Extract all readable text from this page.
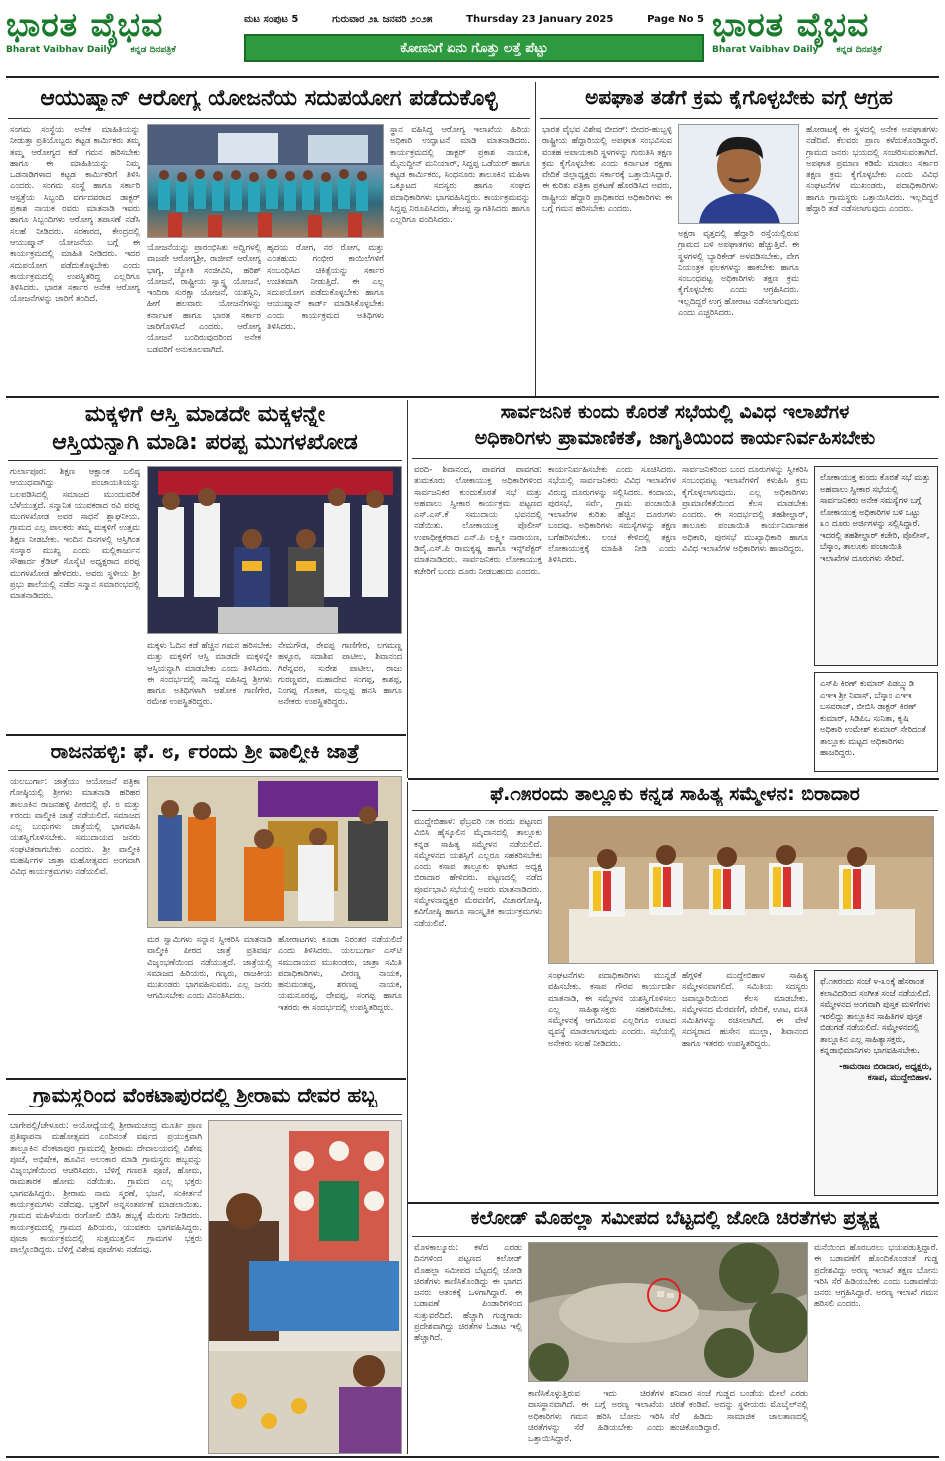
ಭಾರತ ವೈಭವ
Bharat Vaibhav Daily ಕನ್ನಡ ದಿನಪತ್ರಿಕೆ
ಭಾರತ ವೈಭವ
Bharat Vaibhav Daily ಕನ್ನಡ ದಿನಪತ್ರಿಕೆ
ಮಟ ಸಂಪುಟ 5	ಗುರುವಾರ ೨೩ ಜನವರಿ ೨೦೨೫	Thursday 23 January 2025	Page No 5
ಕೋಣನಿಗೆ ಏನು ಗೊತ್ತು ಲತ್ತೆ ಪೆಟ್ಟು
ಆಯುಷ್ಮಾನ್ ಆರೋಗ್ಯ ಯೋಜನೆಯ ಸದುಪಯೋಗ ಪಡೆದುಕೊಳ್ಳಿ
ಸಂಗಮ ಸಂಸ್ಥೆಯ ಅನೇಕ ಮಾಹಿತಿಯನ್ನು ನೀಡುತ್ತಾ ಪ್ರತಿಯೊಬ್ಬರು ಕಟ್ಟಡ ಕಾರ್ಮಿಕರು ತಮ್ಮ ತಮ್ಮ ಆರೋಗ್ಯದ ಕಡೆ ಗಮನ ಹರಿಸಬೇಕು ಹಾಗೂ ಈ ಮಾಹಿತಿಯನ್ನು ನಿಮ್ಮ ಒಡನಾಡಿಗಳಾದ ಕಟ್ಟಡ ಕಾರ್ಮಿಕರಿಗೆ ತಿಳಿಸಿ ಎಂದರು. ಸಂಗಮ ಸಂಸ್ಥೆ ಹಾಗೂ ಸರ್ಕಾರಿ ಆಸ್ಪತ್ರೆಯ ಸಿಬ್ಬಂದಿ ವರ್ಗದವರಾದ ಡಾಕ್ಟರ್ ಪ್ರಕಾಶ ನಾಯಕ ರವರು ಮಾತನಾಡಿ ಇವರು ಹಾಗೂ ಸಿಬ್ಬಂದಿಗಳು ಆರೋಗ್ಯ ತಪಾಸಣೆ ನಡೆಸಿ ಸಲಹೆ ನೀಡಿದರು. ಸರಕಾರದ, ಕೇಂದ್ರದಲ್ಲಿ ಆಯುಷ್ಮಾನ್ ಯೋಜನೆಯ ಬಗ್ಗೆ ಈ ಕಾರ್ಯಕ್ರಮದಲ್ಲಿ ಮಾಹಿತಿ ನೀಡಿದರು. ಇದರ ಸದುಪಯೋಗ ಪಡೆದುಕೊಳ್ಳಬೇಕು ಎಂದು ಕಾರ್ಯಕ್ರಮದಲ್ಲಿ ಉಪಸ್ಥಿತರಿದ್ದ ಎಲ್ಲರಿಗೂ ತಿಳಿಸಿದರು. ಭಾರತ ಸರ್ಕಾರ ಅನೇಕ ಆರೋಗ್ಯ ಯೋಜನೆಗಳನ್ನು ಜಾರಿಗೆ ತಂದಿದೆ.
ಯೋಜನೆಯನ್ನು ಪ್ರಾರಂಭಿಸಿತು ಅದ್ವಿಗಳಲ್ಲಿ ವಾಜಪೇ ಆರೋಗ್ಯಶ್ರೀ, ರಾಜೀವ್ ಆರೋಗ್ಯ ಭಾಗ್ಯ, ಜ್ಯೋತಿ ಸಂಜೀವಿನಿ, ಹರಿಶ್ ಯೋಜನೆ, ರಾಷ್ಟ್ರೀಯ ಸ್ವಾಸ್ಥ್ಯ ಯೋಜನೆ, ಇಂದಿರಾ ಸುರಕ್ಷಾ ಯೋಜನೆ, ಯಶಸ್ವಿನಿ, ಹೀಗೆ ಹಲವಾರು ಯೋಜನೆಗಳನ್ನು ಕರ್ನಾಟಕ ಹಾಗೂ ಭಾರತ ಸರ್ಕಾರ ಜಾರಿಗೊಳಿಸಿದೆ ಎಂದರು. ಆರೋಗ್ಯ ಯೋಜನೆ ಬಂದಿರುವುದರಿಂದ ಅನೇಕ ಬಡವರಿಗೆ ಅನುಕೂಲವಾಗಿದೆ.
ಹೃದಯ ರೋಗ, ನರ ರೋಗ, ಮತ್ತು ಎಂತಹುದು ಗಂಭೀರ ಕಾಯಿಲೆಗಳಿಗೆ ಸಂಬಂಧಿಸಿದ ಚಿಕಿತ್ಸೆಯನ್ನು ಸರ್ಕಾರ ಉಚಿತವಾಗಿ ನೀಡುತ್ತಿದೆ. ಈ ಎಲ್ಲ ಸದುಪಯೋಗ ಪಡೆದುಕೊಳ್ಳಬೇಕು ಹಾಗೂ ಆಯುಷ್ಮಾನ್ ಕಾರ್ಡ್ ಮಾಡಿಸಿಕೊಳ್ಳಬೇಕು ಎಂದು ಕಾರ್ಯಕ್ರಮದ ಅತಿಥಿಗಳು ತಿಳಿಸಿದರು.
ಸ್ಥಾನ ವಹಿಸಿದ್ದ ಆರೋಗ್ಯ ಇಲಾಖೆಯ ಹಿರಿಯ ಅಧಿಕಾರಿ ಉದ್ಘಾಟನೆ ಮಾಡಿ ಮಾತನಾಡಿದರು. ಕಾರ್ಯಕ್ರಮದಲ್ಲಿ ಡಾಕ್ಟರ್ ಪ್ರಕಾಶ ನಾಯಕ, ಮೈನುದ್ದೀನ್ ಮನಿಯಾರ್, ಸಿದ್ದಪ್ಪ ಒಡೆಯರ್ ಹಾಗೂ ಕಟ್ಟಡ ಕಾರ್ಮಿಕರು, ಸಿಂಧನೂರು ತಾಲೂಕಿನ ಮಹಿಳಾ ಒಕ್ಕೂಟದ ಸದಸ್ಯರು ಹಾಗೂ ಸಂಘದ ಪದಾಧಿಕಾರಿಗಳು ಭಾಗವಹಿಸಿದ್ದರು. ಕಾರ್ಯಕ್ರಮವನ್ನು ಸಿದ್ದಪ್ಪ ನಿರೂಪಿಸಿದರು, ತೇಜಪ್ಪ ಸ್ವಾಗತಿಸಿದರು ಹಾಗೂ ಎಲ್ಲರಿಗೂ ವಂದಿಸಿದರು.
ಅಪಘಾತ ತಡೆಗೆ ಕ್ರಮ ಕೈಗೊಳ್ಳಬೇಕು ವಗ್ಗೆ ಆಗ್ರಹ
ಭಾರತ ವೈಭವ ವಿಶೇಷ ಬೀದರ್: ಬೀದರ-ಹುಬ್ಬಳ್ಳಿ ರಾಷ್ಟ್ರೀಯ ಹೆದ್ದಾರಿಯಲ್ಲಿ ಅಪಘಾತ ಸಂಭವಿಸುವ ವಂತಹ ಅಪಾಯಕಾರಿ ಸ್ಥಳಗಳನ್ನು ಗುರುತಿಸಿ ತಕ್ಷಣ ಕ್ರಮ ಕೈಗೊಳ್ಳಬೇಕು ಎಂದು ಕರ್ನಾಟಕ ರಕ್ಷಣಾ ವೇದಿಕೆ ಜಿಲ್ಲಾಧ್ಯಕ್ಷರು ಸರ್ಕಾರಕ್ಕೆ ಒತ್ತಾಯಿಸಿದ್ದಾರೆ. ಈ ಕುರಿತು ಪತ್ರಿಕಾ ಪ್ರಕಟಣೆ ಹೊರಡಿಸಿದ ಅವರು, ರಾಷ್ಟ್ರೀಯ ಹೆದ್ದಾರಿ ಪ್ರಾಧಿಕಾರದ ಅಧಿಕಾರಿಗಳು ಈ ಬಗ್ಗೆ ಗಮನ ಹರಿಸಬೇಕು ಎಂದರು.
ಅಕ್ಷರಾ ವೃತ್ತದಲ್ಲಿ ಹೆದ್ದಾರಿ ರಸ್ತೆಯಲ್ಲಿರುವ ಗ್ರಾಮದ ಬಳಿ ಅಪಘಾತಗಳು ಹೆಚ್ಚುತ್ತಿವೆ. ಈ ಸ್ಥಳಗಳಲ್ಲಿ ಬ್ಯಾರಿಕೇಡ್ ಅಳವಡಿಸಬೇಕು, ವೇಗ ನಿಯಂತ್ರಕ ಫಲಕಗಳನ್ನು ಹಾಕಬೇಕು ಹಾಗೂ ಸಂಬಂಧಪಟ್ಟ ಅಧಿಕಾರಿಗಳು ತಕ್ಷಣ ಕ್ರಮ ಕೈಗೊಳ್ಳಬೇಕು ಎಂದು ಆಗ್ರಹಿಸಿದರು. ಇಲ್ಲದಿದ್ದರೆ ಉಗ್ರ ಹೋರಾಟ ನಡೆಸಲಾಗುವುದು ಎಂದು ಎಚ್ಚರಿಸಿದರು.
ಹೋರಾಟಕ್ಕೆ ಈ ಸ್ಥಳದಲ್ಲಿ ಅನೇಕ ಅಪಘಾತಗಳು ನಡೆದಿವೆ. ಕೆಲವರು ಪ್ರಾಣ ಕಳೆದುಕೊಂಡಿದ್ದಾರೆ. ಗ್ರಾಮದ ಜನರು ಭಯದಲ್ಲಿ ಸಂಚರಿಸುವಂತಾಗಿದೆ. ಅಪಘಾತ ಪ್ರಮಾಣ ಕಡಿಮೆ ಮಾಡಲು ಸರ್ಕಾರ ತಕ್ಷಣ ಕ್ರಮ ಕೈಗೊಳ್ಳಬೇಕು ಎಂದು ವಿವಿಧ ಸಂಘಟನೆಗಳ ಮುಖಂಡರು, ಪದಾಧಿಕಾರಿಗಳು ಹಾಗೂ ಗ್ರಾಮಸ್ಥರು ಒತ್ತಾಯಿಸಿದರು. ಇಲ್ಲದಿದ್ದರೆ ಹೆದ್ದಾರಿ ತಡೆ ನಡೆಸಲಾಗುವುದು ಎಂದರು.
ಮಕ್ಕಳಿಗೆ ಆಸ್ತಿ ಮಾಡದೇ ಮಕ್ಕಳನ್ನೇ
ಆಸ್ತಿಯನ್ನಾಗಿ ಮಾಡಿ: ಪರಪ್ಪ ಮುಗಳಖೋಡ
ಗುರ್ಲಾಪೂರ: ಶಿಕ್ಷಣ ಆಕ್ಷಾಂಕ ಬಲಿಷ್ಠ ಆಯುಧವಾಗಿದ್ದು ಪಂಚಾಯತಿಯನ್ನು ಬಲಪಡಿಸಿದಲ್ಲಿ ಸಮಾಜದ ಮುಂದುವರಿಕೆ ಬೆಳೆಯುತ್ತದೆ. ಸನ್ಮಾನಿತ ಯುವಕರಾದ ರವಿ ಪರಪ್ಪ ಮುಗಳಖೋಡ ಅವರ ಸಾಧನೆ ಶ್ಲಾಘನೀಯ. ಗ್ರಾಮದ ಎಲ್ಲ ಪಾಲಕರು ತಮ್ಮ ಮಕ್ಕಳಿಗೆ ಉತ್ತಮ ಶಿಕ್ಷಣ ನೀಡಬೇಕು. ಇಂದಿನ ದಿನಗಳಲ್ಲಿ ಆಸ್ತಿಗಿಂತ ಸಂಸ್ಕಾರ ಮುಖ್ಯ ಎಂದು ಮಲ್ಲಿಕಾರ್ಜುನ ಸೌಹಾರ್ದ ಕ್ರೆಡಿಟ್ ಸೊಸೈಟಿ ಅಧ್ಯಕ್ಷರಾದ ಪರಪ್ಪ ಮುಗಳಖೋಡ ಹೇಳಿದರು. ಅವರು ಸ್ಥಳೀಯ ಶ್ರೀ ಪ್ರಭು ಶಾಲೆಯಲ್ಲಿ ನಡೆದ ಸನ್ಮಾನ ಸಮಾರಂಭದಲ್ಲಿ ಮಾತನಾಡಿದರು.
ಮಕ್ಕಳು ಓದಿನ ಕಡೆ ಹೆಚ್ಚಿನ ಗಮನ ಹರಿಸಬೇಕು ಮತ್ತು ಮಕ್ಕಳಿಗೆ ಆಸ್ತಿ ಮಾಡದೇ ಮಕ್ಕಳನ್ನೇ ಆಸ್ತಿಯನ್ನಾಗಿ ಮಾಡಬೇಕು ಎಂದು ತಿಳಿಸಿದರು. ಈ ಸಂದರ್ಭದಲ್ಲಿ ಸಾನಿಧ್ಯ ವಹಿಸಿದ್ದ ಶ್ರೀಗಳು ಹಾಗೂ ಅತಿಥಿಗಳಾಗಿ ಆಶೋಕ ಗಾಣಿಗೇರ, ರಮೇಶ ಉಪಸ್ಥಿತರಿದ್ದರು.
ನೇಮಗೌಡ, ರೇವಪ್ಪ ಗಾಣಿಗೇರ, ಲಗಮಣ್ಣ ಹಳ್ಳೂರ, ಸದಾಶಿವ ಪಾಟೀಲ, ಶಿವಾನಂದ ಗಿರೆನ್ನವರ, ಸುರೇಶ ಪಾಟೀಲ, ರಾಜು ಗುರಣ್ಣವರ, ಮಹಾದೇವ ಸಂಗಪ್ಪ, ಕಾಶಪ್ಪ, ನಿಂಗಪ್ಪ ಗೊಕಾಕ, ಮಲ್ಲಪ್ಪ ಹನಸಿ ಹಾಗೂ ಅನೇಕರು ಉಪಸ್ಥಿತರಿದ್ದರು.
ಸಾರ್ವಜನಿಕ ಕುಂದು ಕೊರತೆ ಸಭೆಯಲ್ಲಿ ವಿವಿಧ ಇಲಾಖೆಗಳ
ಅಧಿಕಾರಿಗಳು ಪ್ರಾಮಾಣಿಕತೆ, ಜಾಗೃತಿಯಿಂದ ಕಾರ್ಯನಿರ್ವಹಿಸಬೇಕು
ವರದಿ- ಶಿವಾನಂದ, ಪಾವಗಡ ಪಾವಗಡ: ತುಮಕೂರು ಲೋಕಾಯುಕ್ತ ಅಧಿಕಾರಿಗಳಿಂದ ಸಾರ್ವಜನಿಕರ ಕುಂದುಕೊರತೆ ಸಭೆ ಮತ್ತು ಅಹವಾಲು ಸ್ವೀಕಾರ ಕಾರ್ಯಕ್ರಮ ಪಟ್ಟಣದ ಎಸ್.ಎಸ್.ಕೆ ಸಮುದಾಯ ಭವನದಲ್ಲಿ ನಡೆಯಿತು. ಲೋಕಾಯುಕ್ತ ಪೊಲೀಸ್ ಉಪಾಧೀಕ್ಷಕರಾದ ಎನ್.ಪಿ ಲಕ್ಷ್ಮೀ ನಾರಾಯಣ, ಡಿವೈ.ಎಸ್.ಪಿ ರಾಮಕೃಷ್ಣ ಹಾಗೂ ಇನ್ಸ್‌ಪೆಕ್ಟರ್ ಮಾತನಾಡಿದರು. ಸಾರ್ವಜನಿಕರು ಲೋಕಾಯುಕ್ತ ಕಚೇರಿಗೆ ಬಂದು ದೂರು ನೀಡಬಹುದು ಎಂದರು.
ಕಾರ್ಯನಿರ್ವಹಿಸಬೇಕು ಎಂದು ಸೂಚಿಸಿದರು. ಸಭೆಯಲ್ಲಿ ಸಾರ್ವಜನಿಕರು ವಿವಿಧ ಇಲಾಖೆಗಳ ವಿರುದ್ಧ ದೂರುಗಳನ್ನು ಸಲ್ಲಿಸಿದರು. ಕಂದಾಯ, ಪುರಸಭೆ, ಸರ್ವೆ, ಗ್ರಾಮ ಪಂಚಾಯಿತಿ ಇಲಾಖೆಗಳ ಕುರಿತು ಹೆಚ್ಚಿನ ದೂರುಗಳು ಬಂದವು. ಅಧಿಕಾರಿಗಳು ಸಮಸ್ಯೆಗಳನ್ನು ತಕ್ಷಣ ಬಗೆಹರಿಸಬೇಕು. ಲಂಚ ಕೇಳಿದಲ್ಲಿ ತಕ್ಷಣ ಲೋಕಾಯುಕ್ತಕ್ಕೆ ಮಾಹಿತಿ ನೀಡಿ ಎಂದು ತಿಳಿಸಿದರು.
ಸಾರ್ವಜನಿಕರಿಂದ ಬಂದ ದೂರುಗಳನ್ನು ಸ್ವೀಕರಿಸಿ ಸಂಬಂಧಪಟ್ಟ ಇಲಾಖೆಗಳಿಗೆ ಕಳುಹಿಸಿ ಕ್ರಮ ಕೈಗೊಳ್ಳಲಾಗುವುದು. ಎಲ್ಲ ಅಧಿಕಾರಿಗಳು ಪ್ರಾಮಾಣಿಕತೆಯಿಂದ ಕೆಲಸ ಮಾಡಬೇಕು ಎಂದರು. ಈ ಸಂದರ್ಭದಲ್ಲಿ ತಹಶೀಲ್ದಾರ್, ತಾಲೂಕು ಪಂಚಾಯಿತಿ ಕಾರ್ಯನಿರ್ವಾಹಕ ಅಧಿಕಾರಿ, ಪುರಸಭೆ ಮುಖ್ಯಾಧಿಕಾರಿ ಹಾಗೂ ವಿವಿಧ ಇಲಾಖೆಗಳ ಅಧಿಕಾರಿಗಳು ಹಾಜರಿದ್ದರು.
ಲೋಕಾಯುಕ್ತ ಕುಂದು ಕೊರತೆ ಸಭೆ ಮತ್ತು ಅಹವಾಲು ಸ್ವೀಕಾರ ಸಭೆಯಲ್ಲಿ ಸಾರ್ವಜನಿಕರು ಅನೇಕ ಸಮಸ್ಯೆಗಳ ಬಗ್ಗೆ ಲೋಕಾಯುಕ್ತ ಅಧಿಕಾರಿಗಳ ಬಳಿ ಒಟ್ಟು ೩೦ ದೂರು ಅರ್ಜಿಗಳನ್ನು ಸಲ್ಲಿಸಿದ್ದಾರೆ. ಇದರಲ್ಲಿ ತಹಶೀಲ್ದಾರ್ ಕಚೇರಿ, ಪೊಲೀಸ್, ಬೆಸ್ಕಾಂ, ತಾಲೂಕು ಪಂಚಾಯಿತಿ ಇಲಾಖೆಗಳ ದೂರುಗಳು ಸೇರಿವೆ.
ಎಸ್‌ಪಿ ಕಿರಣ್ ಕುಮಾರ್ ಪಿಡಬ್ಲ್ಯುಡಿ ಎಇಇ ಶ್ರೀ ನಿವಾಸ್, ಬೆಸ್ಕಾಂ ಎಇಇ ಬಸವರಾಜ್, ಬೀಬಿಸಿ ಡಾಕ್ಟರ್ ಕಿರಣ್ ಕುಮಾರ್, ಸಿಡಿಪಿಒ ಸುನಿತಾ, ಕೃಷಿ ಅಧಿಕಾರಿ ಉಮೇಶ್ ಕುಮಾರ್ ಸೇರಿದಂತೆ ತಾಲ್ಲೂಕು ಮಟ್ಟದ ಅಧಿಕಾರಿಗಳು ಹಾಜರಿದ್ದರು.
ರಾಜನಹಳ್ಳಿ: ಫೆ. ೮, ೯ರಂದು ಶ್ರೀ ವಾಲ್ಮೀಕಿ ಜಾತ್ರೆ
ಯಲಬುರ್ಗಾ: ಜಾತ್ರೆಯು ಆಯೋಜನೆ ಪತ್ರಿಕಾ ಗೋಷ್ಠಿಯಲ್ಲಿ ಶ್ರೀಗಳು ಮಾತನಾಡಿ ಹರಿಹರ ತಾಲೂಕಿನ ರಾಜನಹಳ್ಳಿ ಪೀಠದಲ್ಲಿ ಫೆ. ೮ ಮತ್ತು ೯ರಂದು ವಾಲ್ಮೀಕಿ ಜಾತ್ರೆ ನಡೆಯಲಿದೆ. ಸಮಾಜದ ಎಲ್ಲ ಬಂಧುಗಳು ಜಾತ್ರೆಯಲ್ಲಿ ಭಾಗವಹಿಸಿ ಯಶಸ್ವಿಗೊಳಿಸಬೇಕು. ಸಮುದಾಯದ ಜನರು ಸಂಘಟಿತರಾಗಬೇಕು ಎಂದರು. ಶ್ರೀ ವಾಲ್ಮೀಕಿ ಮಹರ್ಷಿಗಳ ಜಾತ್ರಾ ಮಹೋತ್ಸವದ ಅಂಗವಾಗಿ ವಿವಿಧ ಕಾರ್ಯಕ್ರಮಗಳು ನಡೆಯಲಿವೆ.
ಮಠ ಸ್ವಾಮಿಗಳು ಸನ್ನಾನ ಸ್ವೀಕರಿಸಿ ಮಾತನಾಡಿ ವಾಲ್ಮೀಕಿ ಪೀಠದ ಜಾತ್ರೆ ಪ್ರತಿವರ್ಷ ವಿಜೃಂಭಣೆಯಿಂದ ನಡೆಯುತ್ತದೆ. ಜಾತ್ರೆಯಲ್ಲಿ ಸಮಾಜದ ಹಿರಿಯರು, ಗಣ್ಯರು, ರಾಜಕೀಯ ಮುಖಂಡರು ಭಾಗವಹಿಸುವರು. ಎಲ್ಲ ಜನರು ಆಗಮಿಸಬೇಕು ಎಂದು ವಿನಂತಿಸಿದರು.
ಹೋರಾಟಗಳು ಕೂಡಾ ನಿರಂತರ ನಡೆಯಲಿದೆ ಎಂದು ತಿಳಿಸಿದರು. ಯಲಬುರ್ಗಾ ಎಸ್‌ಟಿ ಸಮುದಾಯದ ಮುಖಂಡರು, ಜಾತ್ರಾ ಸಮಿತಿ ಪದಾಧಿಕಾರಿಗಳು, ವೀರಣ್ಣ ನಾಯಕ, ಹನುಮಂತಪ್ಪ, ಶರಣಪ್ಪ ನಾಯಕ, ಯಮನೂರಪ್ಪ, ದೇವಪ್ಪ, ಸಂಗಪ್ಪ ಹಾಗೂ ಇತರರು ಈ ಸಂದರ್ಭದಲ್ಲಿ ಉಪಸ್ಥಿತರಿದ್ದರು.
ಫೆ.೧೫ರಂದು ತಾಲ್ಲೂಕು ಕನ್ನಡ ಸಾಹಿತ್ಯ ಸಮ್ಮೇಳನ: ಬಿರಾದಾರ
ಮುದ್ದೇಬಿಹಾಳ: ಫೆಬ್ರವರಿ ೧೫ ರಂದು ಪಟ್ಟಣದ ವಿಬಿಸಿ ಹೈಸ್ಕೂಲಿನ ಮೈದಾನದಲ್ಲಿ ತಾಲ್ಲೂಕು ಕನ್ನಡ ಸಾಹಿತ್ಯ ಸಮ್ಮೇಳನ ನಡೆಯಲಿದೆ. ಸಮ್ಮೇಳನದ ಯಶಸ್ಸಿಗೆ ಎಲ್ಲರೂ ಸಹಕರಿಸಬೇಕು ಎಂದು ಕಸಾಪ ತಾಲ್ಲೂಕು ಘಟಕದ ಅಧ್ಯಕ್ಷ ಬಿರಾದಾರ ಹೇಳಿದರು. ಪಟ್ಟಣದಲ್ಲಿ ನಡೆದ ಪೂರ್ವಭಾವಿ ಸಭೆಯಲ್ಲಿ ಅವರು ಮಾತನಾಡಿದರು. ಸಮ್ಮೇಳನಾಧ್ಯಕ್ಷರ ಮೆರವಣಿಗೆ, ವಿಚಾರಗೋಷ್ಠಿ, ಕವಿಗೋಷ್ಠಿ ಹಾಗೂ ಸಾಂಸ್ಕೃತಿಕ ಕಾರ್ಯಕ್ರಮಗಳು ನಡೆಯಲಿವೆ.
ಸಂಘಟನೆಗಳು ಪದಾಧಿಕಾರಿಗಳು ಮುನ್ನಡೆ ವಹಿಸಬೇಕು. ಕಸಾಪ ಗೌರವ ಕಾರ್ಯದರ್ಶಿ ಮಾತನಾಡಿ, ಈ ಸಮ್ಮೇಳನ ಯಶಸ್ವಿಗೊಳಿಸಲು ಎಲ್ಲ ಸಾಹಿತ್ಯಾಸಕ್ತರು ಸಹಕರಿಸಬೇಕು. ಸಮ್ಮೇಳನಕ್ಕೆ ಆಗಮಿಸುವ ಎಲ್ಲರಿಗೂ ಊಟದ ವ್ಯವಸ್ಥೆ ಮಾಡಲಾಗುವುದು ಎಂದರು. ಸಭೆಯಲ್ಲಿ ಅನೇಕರು ಸಲಹೆ ನೀಡಿದರು.
ಹೆಗ್ಗಳಿಕೆ ಮುದ್ದೇಬಿಹಾಳ ಸಾಹಿತ್ಯ ಸಮ್ಮೇಳನವಾಗಲಿದೆ. ಸಮಿತಿಯ ಸದಸ್ಯರು ಜವಾಬ್ದಾರಿಯಿಂದ ಕೆಲಸ ಮಾಡಬೇಕು. ಸಮ್ಮೇಳನದ ಮೆರವಣಿಗೆ, ವೇದಿಕೆ, ಊಟ, ವಸತಿ ಸಮಿತಿಗಳನ್ನು ರಚಿಸಲಾಗಿದೆ. ಈ ವೇಳೆ ಸದಸ್ಯರಾದ ಹುಸೇನ ಮುಲ್ಲಾ, ಶಿವಾನಂದ ಹಾಗೂ ಇತರರು ಉಪಸ್ಥಿತರಿದ್ದರು.
ಫೆ.೧೫ರಂದು ಸಂಜೆ ೪-೩೦ಕ್ಕೆ ಹೆಸರಾಂತ ಕಲಾವಿದರಿಂದ ಸಂಗೀತ ಸಂಜೆ ನಡೆಯಲಿದೆ. ಸಮ್ಮೇಳನದ ಅಂಗವಾಗಿ ಪುಸ್ತಕ ಮಳಿಗೆಗಳು ಇರಲಿದ್ದು ತಾಲ್ಲೂಕಿನ ಸಾಹಿತಿಗಳ ಪುಸ್ತಕ ಬಿಡುಗಡೆ ನಡೆಯಲಿದೆ. ಸಮ್ಮೇಳನದಲ್ಲಿ ತಾಲ್ಲೂಕಿನ ಎಲ್ಲ ಸಾಹಿತ್ಯಾಸಕ್ತರು, ಕನ್ನಡಾಭಿಮಾನಿಗಳು ಭಾಗವಹಿಸಬೇಕು.

-ಕಾಮರಾಜ ಬಿರಾದಾರ, ಅಧ್ಯಕ್ಷರು, ಕಸಾಪ, ಮುದ್ದೇಬಿಹಾಳ.
ಗ್ರಾಮಸ್ಥರಿಂದ ವೆಂಕಟಾಪುರದಲ್ಲಿ ಶ್ರೀರಾಮ ದೇವರ ಹಬ್ಬ
ಬಾಗೇಪಲ್ಲಿ/ಚೇಳೂರು: ಅಯೋಧ್ಯೆಯಲ್ಲಿ ಶ್ರೀರಾಮಚಂದ್ರ ಮೂರ್ತಿ ಪ್ರಾಣ ಪ್ರತಿಷ್ಠಾಪನಾ ಮಹೋತ್ಸವದ ಎಂದಿನಂತೆ ವರ್ಷದ ಪ್ರಯುಕ್ತವಾಗಿ ತಾಲ್ಲೂಕಿನ ವೆಂಕಟಾಪುರ ಗ್ರಾಮದಲ್ಲಿ ಶ್ರೀರಾಮ ದೇವಾಲಯದಲ್ಲಿ ವಿಶೇಷ ಪೂಜೆ, ಅಭಿಷೇಕ, ಹೂವಿನ ಅಲಂಕಾರ ಮಾಡಿ ಗ್ರಾಮಸ್ಥರು ಹಬ್ಬವನ್ನು ವಿಜೃಂಭಣೆಯಿಂದ ಆಚರಿಸಿದರು. ಬೆಳಿಗ್ಗೆ ಗಣಪತಿ ಪೂಜೆ, ಹೋಮ, ರಾಮತಾರಕ ಹೋಮ ನಡೆಯಿತು. ಗ್ರಾಮದ ಎಲ್ಲ ಭಕ್ತರು ಭಾಗವಹಿಸಿದ್ದರು. ಶ್ರೀರಾಮ ನಾಮ ಸ್ಮರಣೆ, ಭಜನೆ, ಸಂಕೀರ್ತನೆ ಕಾರ್ಯಕ್ರಮಗಳು ನಡೆದವು. ಭಕ್ತರಿಗೆ ಅನ್ನಸಂತರ್ಪಣೆ ಮಾಡಲಾಯಿತು. ಗ್ರಾಮದ ಮಹಿಳೆಯರು ರಂಗೋಲಿ ಬಿಡಿಸಿ ಹಬ್ಬಕ್ಕೆ ಮೆರುಗು ನೀಡಿದರು. ಕಾರ್ಯಕ್ರಮದಲ್ಲಿ ಗ್ರಾಮದ ಹಿರಿಯರು, ಯುವಕರು ಭಾಗವಹಿಸಿದ್ದರು. ಪೂಜಾ ಕಾರ್ಯಕ್ರಮದಲ್ಲಿ ಸುತ್ತಮುತ್ತಲಿನ ಗ್ರಾಮಗಳ ಭಕ್ತರು ಪಾಲ್ಗೊಂಡಿದ್ದರು. ಬೆಳಿಗ್ಗೆ ವಿಶೇಷ ಪೂಜೆಗಳು ನಡೆದವು.
ಕಲೋಡ್ ಮೊಹಲ್ಲಾ ಸಮೀಪದ ಬೆಟ್ಟದಲ್ಲಿ ಜೋಡಿ ಚಿರತೆಗಳು ಪ್ರತ್ಯಕ್ಷ
ಮೊಳಕಾಲ್ಮೂರು: ಕಳೆದ ಎರಡು ದಿನಗಳಿಂದ ಪಟ್ಟಣದ ಕಲೋಡ್ ಮೊಹಲ್ಲಾ ಸಮೀಪದ ಬೆಟ್ಟದಲ್ಲಿ ಜೋಡಿ ಚಿರತೆಗಳು ಕಾಣಿಸಿಕೊಂಡಿದ್ದು ಈ ಭಾಗದ ಜನರು ಆತಂಕಕ್ಕೆ ಒಳಗಾಗಿದ್ದಾರೆ. ಈ ಬಡಾವಣೆ ಪಿಂಡಾರಿಗಳಿಂದ ಸುತ್ತುವರೆದಿದೆ. ಹೆಚ್ಚಾಗಿ ಗುಡ್ಡಗಾಡು ಪ್ರದೇಶವಾಗಿದ್ದು ಚಿರತೆಗಳ ಓಡಾಟ ಇಲ್ಲಿ ಹೆಚ್ಚಾಗಿದೆ.
ಕಾಣಿಸಿಕೊಳ್ಳುತ್ತಿರುವ ಇದು ಚಿರತೆಗಳ ವಾಸಸ್ಥಾನವಾಗಿದೆ. ಈ ಬಗ್ಗೆ ಅರಣ್ಯ ಇಲಾಖೆಯ ಅಧಿಕಾರಿಗಳು ಗಮನ ಹರಿಸಿ ಬೋನು ಇರಿಸಿ ಚಿರತೆಗಳನ್ನು ಸೆರೆ ಹಿಡಿಯಬೇಕು ಎಂದು ಒತ್ತಾಯಿಸಿದ್ದಾರೆ.
ಶನಿವಾರ ಸಂಜೆ ಗುಡ್ಡದ ಬಂಡೆಯ ಮೇಲೆ ಎರಡು ಚಿರತೆ ಕಂಡಿವೆ. ಅದನ್ನು ಸ್ಥಳೀಯರು ಮೊಬೈಲ್‌ನಲ್ಲಿ ಸೆರೆ ಹಿಡಿದು ಸಾಮಾಜಿಕ ಜಾಲತಾಣದಲ್ಲಿ ಹಂಚಿಕೊಂಡಿದ್ದಾರೆ.
ಮನೆಯಿಂದ ಹೊರಬರಲು ಭಯಪಡುತ್ತಿದ್ದಾರೆ. ಈ ಬಡಾವಣೆಗೆ ಹೊಂದಿಕೊಂಡಂತೆ ಗುಡ್ಡ ಪ್ರದೇಶವಿದ್ದು ಅರಣ್ಯ ಇಲಾಖೆ ತಕ್ಷಣ ಬೋನು ಇರಿಸಿ ಸೆರೆ ಹಿಡಿಯಬೇಕು ಎಂದು ಬಡಾವಣೆಯ ಜನರು ಆಗ್ರಹಿಸಿದ್ದಾರೆ. ಅರಣ್ಯ ಇಲಾಖೆ ಗಮನ ಹರಿಸಲಿ ಎಂದರು.
